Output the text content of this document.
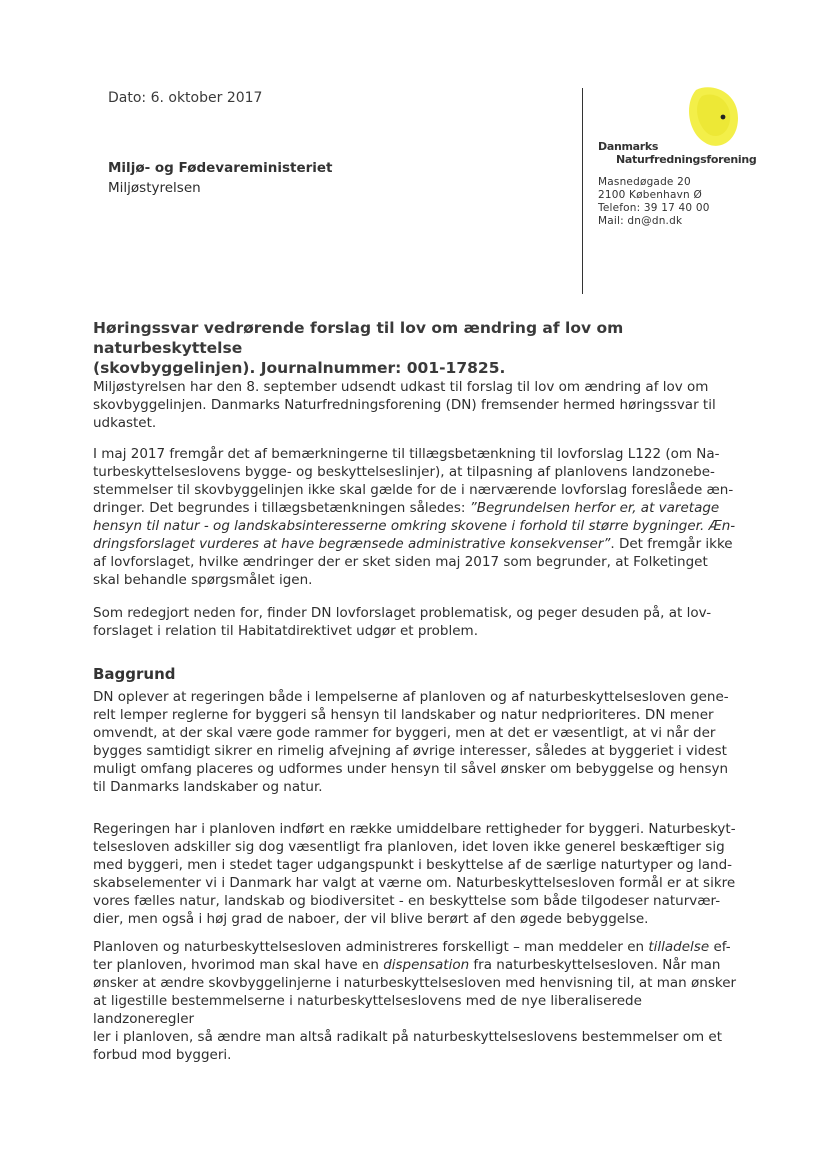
Dato: 6. oktober 2017
Miljø- og Fødevareministeriet
Miljøstyrelsen
Danmarks
Naturfredningsforening
Masnedøgade 20
2100 København Ø
Telefon: 39 17 40 00
Mail: dn@dn.dk
Høringssvar vedrørende forslag til lov om ændring af lov om naturbeskyttelse
(skovbyggelinjen). Journalnummer: 001-17825.

Miljøstyrelsen har den 8. september udsendt udkast til forslag til lov om ændring af lov om

skovbyggelinjen. Danmarks Naturfredningsforening (DN) fremsender hermed høringssvar til

udkastet.

I maj 2017 fremgår det af bemærkningerne til tillægsbetænkning til lovforslag L122 (om Na-

turbeskyttelseslovens bygge- og beskyttelseslinjer), at tilpasning af planlovens landzonebe-

stemmelser til skovbyggelinjen ikke skal gælde for de i nærværende lovforslag foreslåede æn-

dringer. Det begrundes i tillægsbetænkningen således: ”Begrundelsen herfor er, at varetage

hensyn til natur - og landskabsinteresserne omkring skovene i forhold til større bygninger. Æn-

dringsforslaget vurderes at have begrænsede administrative konsekvenser”. Det fremgår ikke

af lovforslaget, hvilke ændringer der er sket siden maj 2017 som begrunder, at Folketinget

skal behandle spørgsmålet igen.

Som redegjort neden for, finder DN lovforslaget problematisk, og peger desuden på, at lov-

forslaget i relation til Habitatdirektivet udgør et problem.

Baggrund

DN oplever at regeringen både i lempelserne af planloven og af naturbeskyttelsesloven gene-

relt lemper reglerne for byggeri så hensyn til landskaber og natur nedprioriteres. DN mener

omvendt, at der skal være gode rammer for byggeri, men at det er væsentligt, at vi når der

bygges samtidigt sikrer en rimelig afvejning af øvrige interesser, således at byggeriet i videst

muligt omfang placeres og udformes under hensyn til såvel ønsker om bebyggelse og hensyn

til Danmarks landskaber og natur.

Regeringen har i planloven indført en række umiddelbare rettigheder for byggeri. Naturbeskyt-

telsesloven adskiller sig dog væsentligt fra planloven, idet loven ikke generel beskæftiger sig

med byggeri, men i stedet tager udgangspunkt i beskyttelse af de særlige naturtyper og land-

skabselementer vi i Danmark har valgt at værne om. Naturbeskyttelsesloven formål er at sikre

vores fælles natur, landskab og biodiversitet - en beskyttelse som både tilgodeser naturvær-

dier, men også i høj grad de naboer, der vil blive berørt af den øgede bebyggelse.

Planloven og naturbeskyttelsesloven administreres forskelligt – man meddeler en tilladelse ef-

ter planloven, hvorimod man skal have en dispensation fra naturbeskyttelsesloven. Når man

ønsker at ændre skovbyggelinjerne i naturbeskyttelsesloven med henvisning til, at man ønsker

at ligestille bestemmelserne i naturbeskyttelseslovens med de nye liberaliserede landzoneregler

ler i planloven, så ændre man altså radikalt på naturbeskyttelseslovens bestemmelser om et

forbud mod byggeri.
